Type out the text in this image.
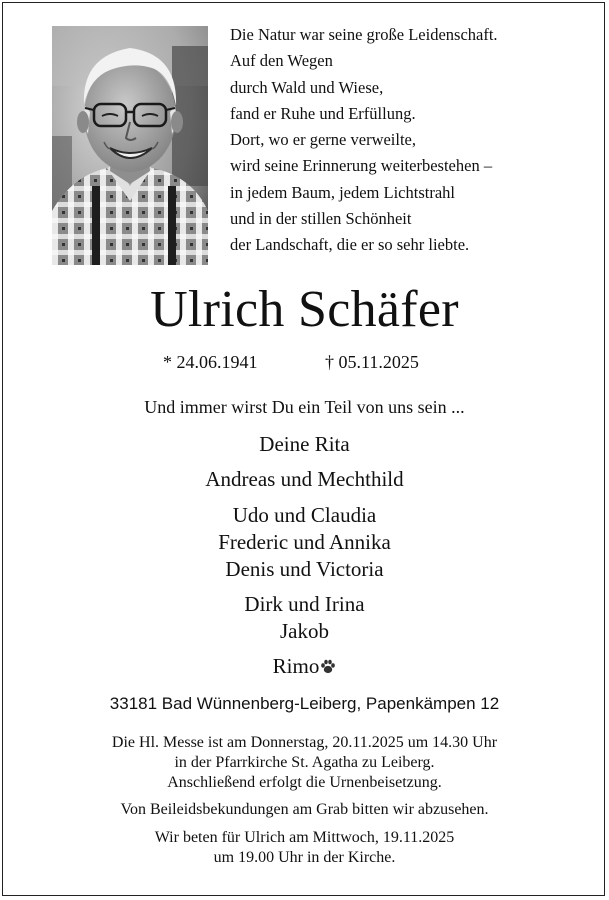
Die Natur war seine große Leidenschaft.
Auf den Wegen
durch Wald und Wiese,
fand er Ruhe und Erfüllung.
Dort, wo er gerne verweilte,
wird seine Erinnerung weiterbestehen –
in jedem Baum, jedem Lichtstrahl
und in der stillen Schönheit
der Landschaft, die er so sehr liebte.
Ulrich Schäfer
* 24.06.1941	† 05.11.2025
Und immer wirst Du ein Teil von uns sein ...
Deine Rita
Andreas und Mechthild
Udo und Claudia
Frederic und Annika
Denis und Victoria
Dirk und Irina
Jakob
Rimo
33181 Bad Wünnenberg-Leiberg, Papenkämpen 12
Die Hl. Messe ist am Donnerstag, 20.11.2025 um 14.30 Uhr
in der Pfarrkirche St. Agatha zu Leiberg.
Anschließend erfolgt die Urnenbeisetzung.
Von Beileidsbekundungen am Grab bitten wir abzusehen.
Wir beten für Ulrich am Mittwoch, 19.11.2025
um 19.00 Uhr in der Kirche.
